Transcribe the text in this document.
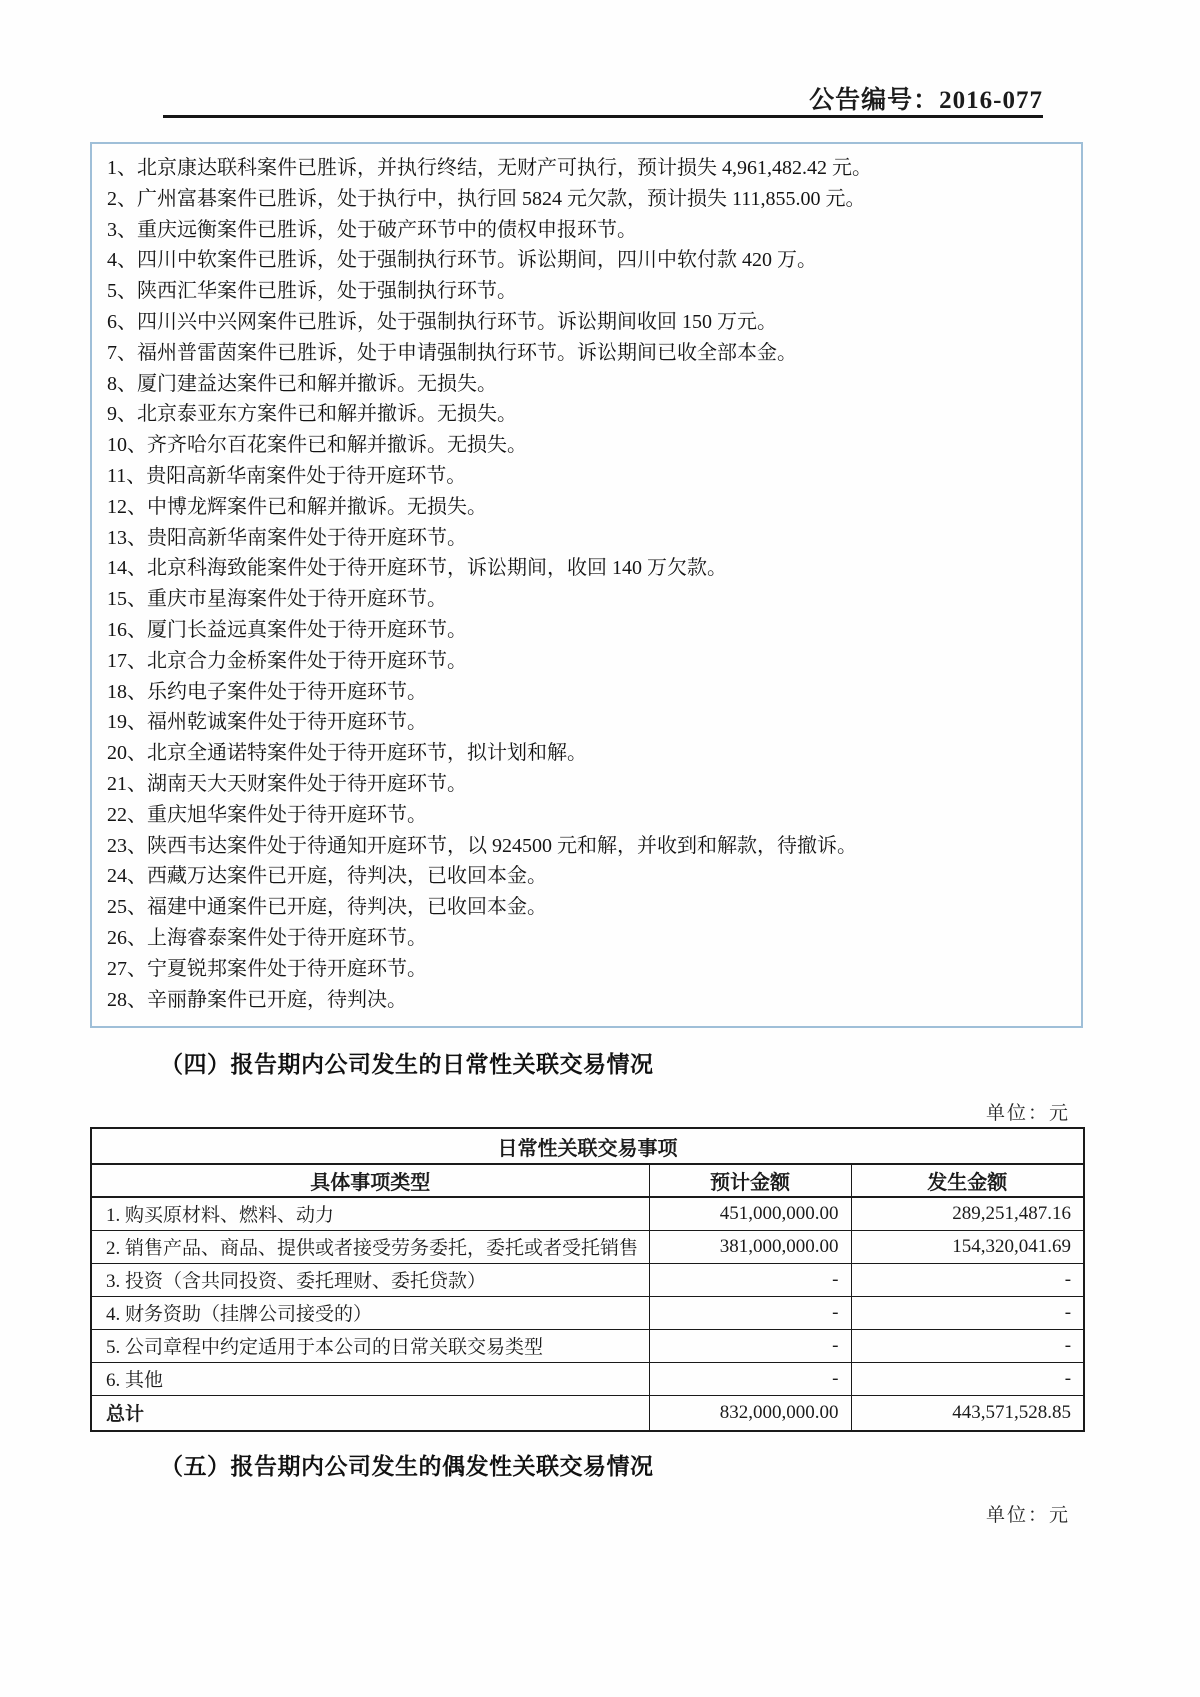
公告编号：2016-077
1、北京康达联科案件已胜诉，并执行终结，无财产可执行，预计损失 4,961,482.42 元。
2、广州富碁案件已胜诉，处于执行中，执行回 5824 元欠款，预计损失 111,855.00 元。
3、重庆远衡案件已胜诉，处于破产环节中的债权申报环节。
4、四川中软案件已胜诉，处于强制执行环节。诉讼期间，四川中软付款 420 万。
5、陕西汇华案件已胜诉，处于强制执行环节。
6、四川兴中兴网案件已胜诉，处于强制执行环节。诉讼期间收回 150 万元。
7、福州普雷茵案件已胜诉，处于申请强制执行环节。诉讼期间已收全部本金。
8、厦门建益达案件已和解并撤诉。无损失。
9、北京泰亚东方案件已和解并撤诉。无损失。
10、齐齐哈尔百花案件已和解并撤诉。无损失。
11、贵阳高新华南案件处于待开庭环节。
12、中博龙辉案件已和解并撤诉。无损失。
13、贵阳高新华南案件处于待开庭环节。
14、北京科海致能案件处于待开庭环节，诉讼期间，收回 140 万欠款。
15、重庆市星海案件处于待开庭环节。
16、厦门长益远真案件处于待开庭环节。
17、北京合力金桥案件处于待开庭环节。
18、乐约电子案件处于待开庭环节。
19、福州乾诚案件处于待开庭环节。
20、北京全通诺特案件处于待开庭环节，拟计划和解。
21、湖南天大天财案件处于待开庭环节。
22、重庆旭华案件处于待开庭环节。
23、陕西韦达案件处于待通知开庭环节，以 924500 元和解，并收到和解款，待撤诉。
24、西藏万达案件已开庭，待判决，已收回本金。
25、福建中通案件已开庭，待判决，已收回本金。
26、上海睿泰案件处于待开庭环节。
27、宁夏锐邦案件处于待开庭环节。
28、辛丽静案件已开庭，待判决。
（四）报告期内公司发生的日常性关联交易情况
单位：元
日常性关联交易事项		
具体事项类型	预计金额	发生金额
1. 购买原材料、燃料、动力	451,000,000.00	289,251,487.16
2. 销售产品、商品、提供或者接受劳务委托，委托或者受托销售	381,000,000.00	154,320,041.69
3. 投资（含共同投资、委托理财、委托贷款）	-	-
4. 财务资助（挂牌公司接受的）	-	-
5. 公司章程中约定适用于本公司的日常关联交易类型	-	-
6. 其他	-	-
总计	832,000,000.00	443,571,528.85
（五）报告期内公司发生的偶发性关联交易情况
单位：元
